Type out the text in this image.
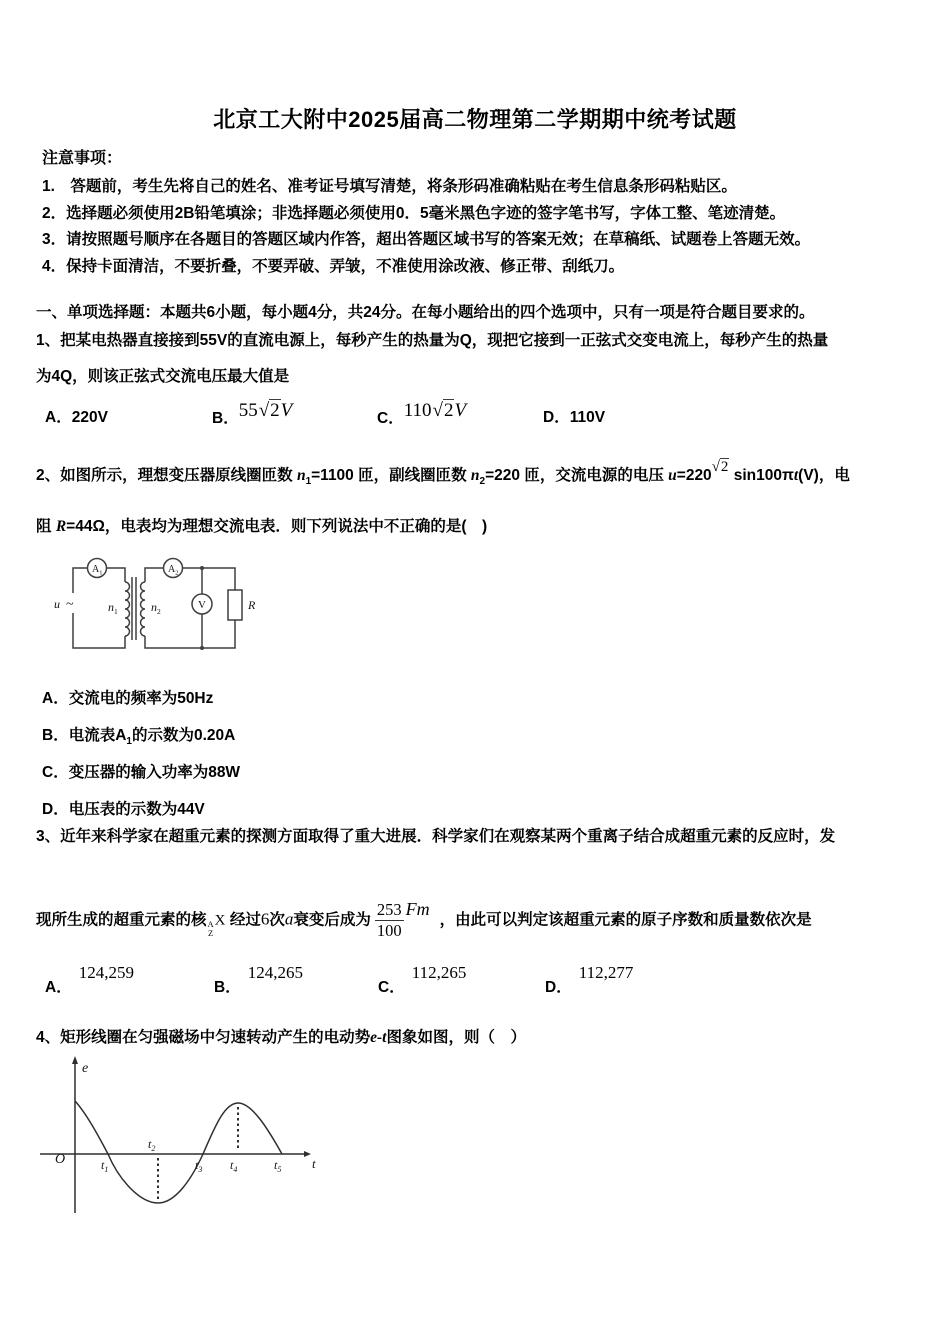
北京工大附中2025届高二物理第二学期期中统考试题
注意事项：
1.　答题前，考生先将自己的姓名、准考证号填写清楚，将条形码准确粘贴在考生信息条形码粘贴区。
2．选择题必须使用2B铅笔填涂；非选择题必须使用0．5毫米黑色字迹的签字笔书写，字体工整、笔迹清楚。
3．请按照题号顺序在各题目的答题区域内作答，超出答题区域书写的答案无效；在草稿纸、试题卷上答题无效。
4．保持卡面清洁，不要折叠，不要弄破、弄皱，不准使用涂改液、修正带、刮纸刀。
一、单项选择题：本题共6小题，每小题4分，共24分。在每小题给出的四个选项中，只有一项是符合题目要求的。
1、把某电热器直接接到55V的直流电源上，每秒产生的热量为Q，现把它接到一正弦式交变电流上，每秒产生的热量
为4Q，则该正弦式交流电压最大值是
A．220V	B．55√2V	C．110√2V	D．110V
2、如图所示，理想变压器原线圈匝数 $n_1=1100$ 匝，副线圈匝数 $n_2=220$ 匝，交流电源的电压 u=220√2 sin100πt(V)，电
阻 R=44Ω，电表均为理想交流电表．则下列说法中不正确的是(　)
u ~	$n_1$	$n_2$
$A_1$	$A_2$
V	R
A．交流电的频率为50Hz
B．电流表$A_1$的示数为0.20A
C．变压器的输入功率为88W
D．电压表的示数为44V
3、近年来科学家在超重元素的探测方面取得了重大进展．科学家们在观察某两个重离子结合成超重元素的反应时，发
现所生成的超重元素的核 A
Z
X 经过6次a衰变后成为 $\frac{253}{100}$ Fm，由此可以判定该超重元素的原子序数和质量数依次是
A．124,259
B．124,265
C．112,265
D．112,277
4、矩形线圈在匀强磁场中匀速转动产生的电动势e-t图象如图，则（　）
e
O	t
$t_1$
$t_2$
$t_3$ $t_4$	$t_5$
